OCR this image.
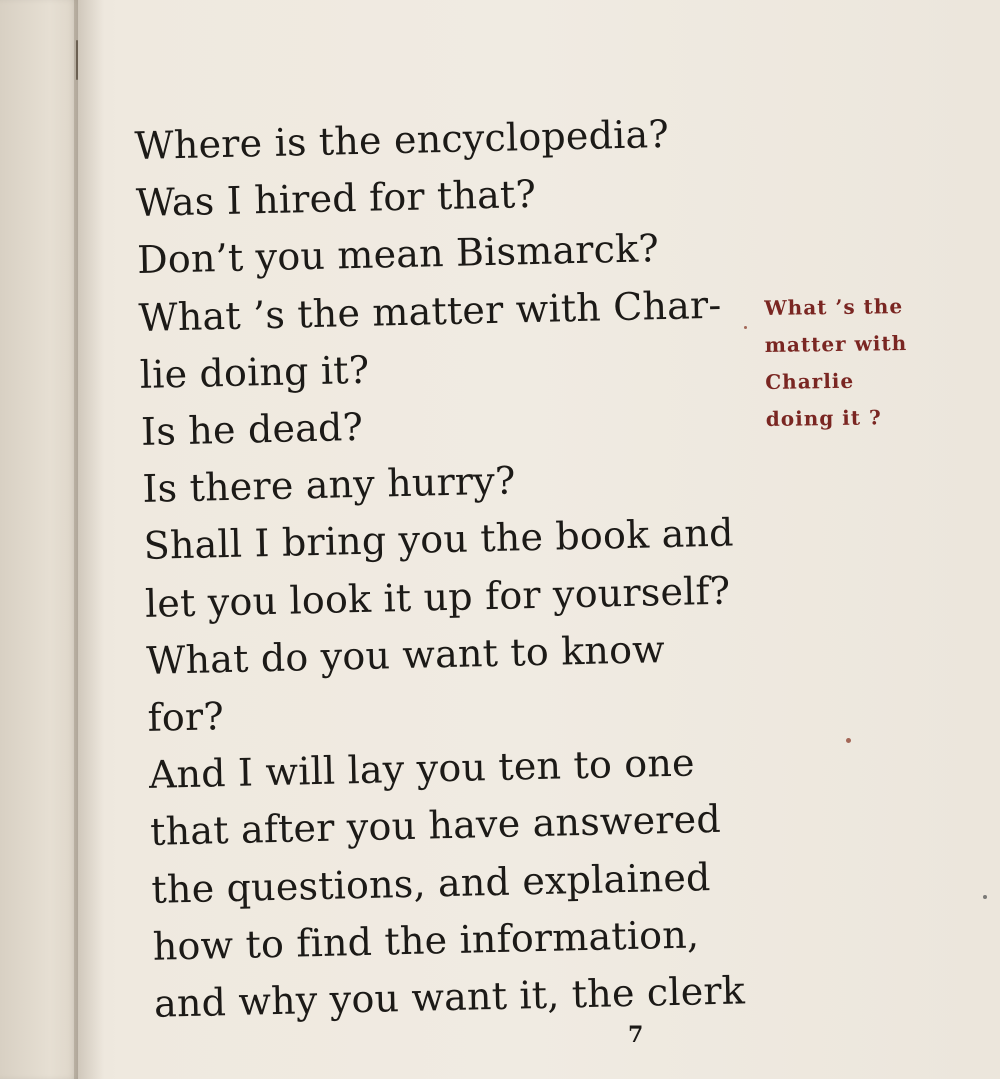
Where is the encyclopedia?
Was I hired for that?
Don’t you mean Bismarck?
What ’s the matter with Char-
lie doing it?
Is he dead?
Is there any hurry?
Shall I bring you the book and
let you look it up for yourself?
What do you want to know
for?
And I will lay you ten to one
that after you have answered
the questions, and explained
how to find the information,
and why you want it, the clerk
What ’s the
matter with
Charlie
doing it ?
7
